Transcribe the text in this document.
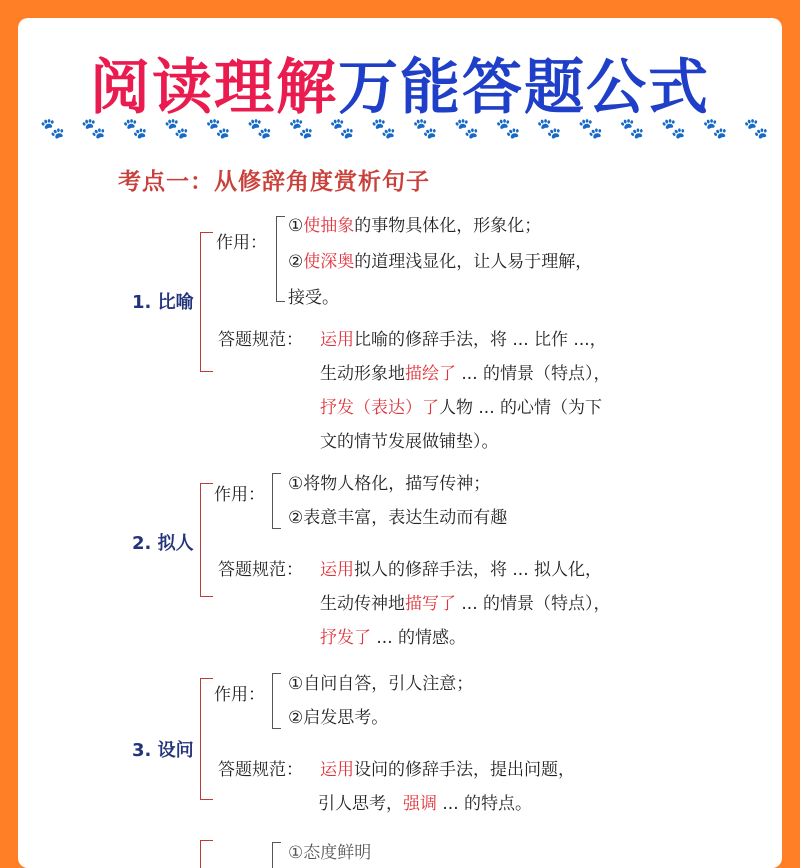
阅读理解万能答题公式
🐾 🐾 🐾 🐾 🐾 🐾 🐾 🐾 🐾 🐾 🐾 🐾 🐾 🐾 🐾 🐾 🐾 🐾
考点一：从修辞角度赏析句子
1. 比喻
作用：
①使抽象的事物具体化，形象化；
②使深奥的道理浅显化，让人易于理解，
接受。
答题规范： 运用比喻的修辞手法，将 ... 比作 ...，
生动形象地描绘了 ... 的情景（特点），
抒发（表达）了人物 ... 的心情（为下
文的情节发展做铺垫）。
2. 拟人
作用：
①将物人格化，描写传神；
②表意丰富，表达生动而有趣
答题规范： 运用拟人的修辞手法，将 ... 拟人化，
生动传神地描写了 ... 的情景（特点），
抒发了 ... 的情感。
3. 设问
作用：
①自问自答，引人注意；
②启发思考。
答题规范： 运用设问的修辞手法，提出问题，
引人思考，强调 ... 的特点。
①态度鲜明
